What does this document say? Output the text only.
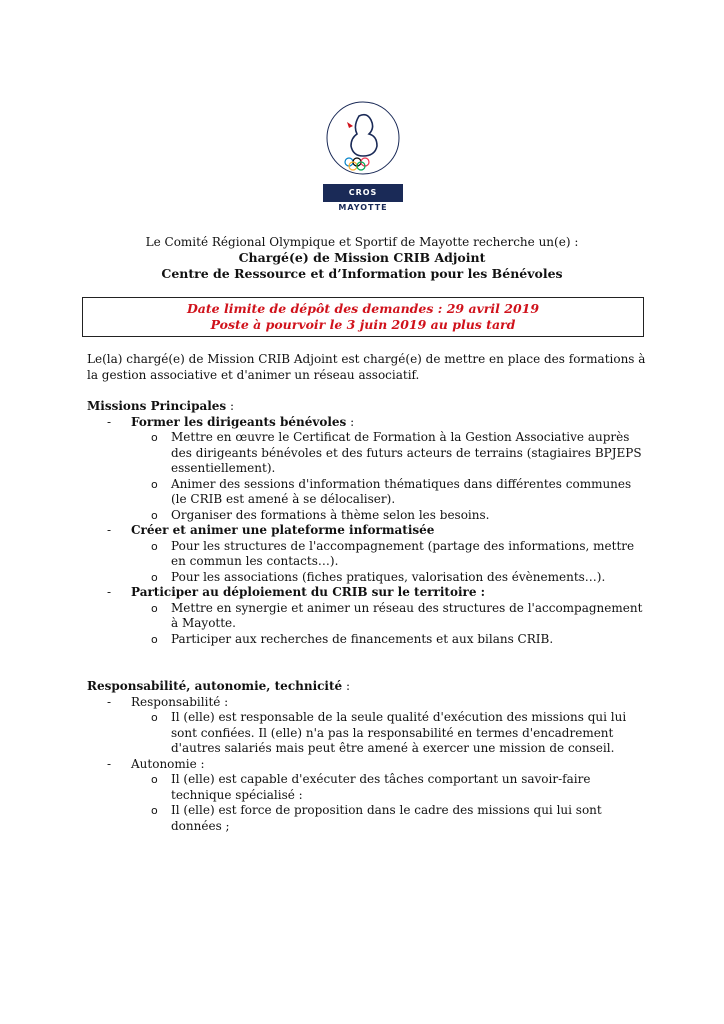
CROS
MAYOTTE
Le Comité Régional Olympique et Sportif de Mayotte recherche un(e) :
Chargé(e) de Mission CRIB Adjoint
Centre de Ressource et d’Information pour les Bénévoles
Date limite de dépôt des demandes : 29 avril 2019
Poste à pourvoir le 3 juin 2019 au plus tard

Le(la) chargé(e) de Mission CRIB Adjoint est chargé(e) de mettre en place des formations à la gestion associative et d'animer un réseau associatif.

Missions Principales :
- Former les dirigeants bénévoles :
o Mettre en œuvre le Certificat de Formation à la Gestion Associative auprès des dirigeants bénévoles et des futurs acteurs de terrains (stagiaires BPJEPS essentiellement).
o Animer des sessions d'information thématiques dans différentes communes (le CRIB est amené à se délocaliser).
o Organiser des formations à thème selon les besoins.
- Créer et animer une plateforme informatisée
o Pour les structures de l'accompagnement (partage des informations, mettre en commun les contacts…).
o Pour les associations (fiches pratiques, valorisation des évènements…).
- Participer au déploiement du CRIB sur le territoire :
o Mettre en synergie et animer un réseau des structures de l'accompagnement à Mayotte.
o Participer aux recherches de financements et aux bilans CRIB.
Responsabilité, autonomie, technicité :
- Responsabilité :
o Il (elle) est responsable de la seule qualité d'exécution des missions qui lui sont confiées. Il (elle) n'a pas la responsabilité en termes d'encadrement d'autres salariés mais peut être amené à exercer une mission de conseil.
- Autonomie :
o Il (elle) est capable d'exécuter des tâches comportant un savoir-faire technique spécialisé :
o Il (elle) est force de proposition dans le cadre des missions qui lui sont données ;
